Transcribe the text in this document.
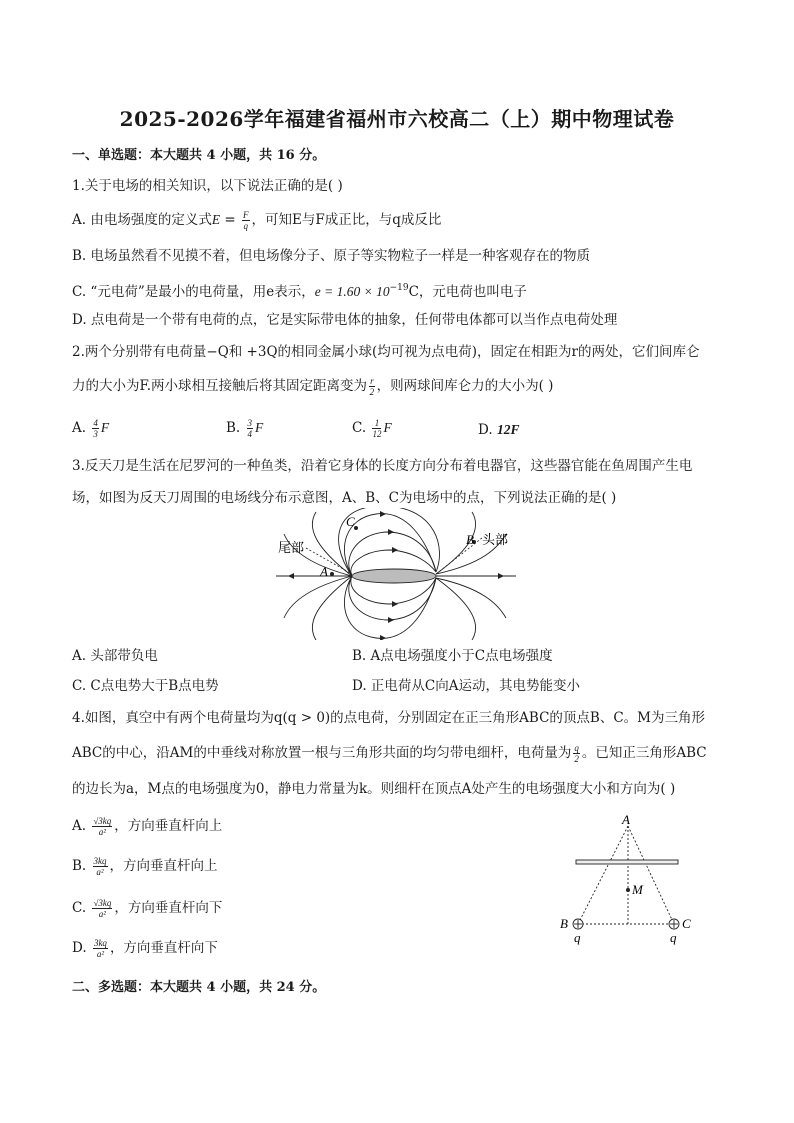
2025-2026学年福建省福州市六校高二（上）期中物理试卷
一、单选题：本大题共 4 小题，共 16 分。
1.关于电场的相关知识，以下说法正确的是( )
A. 由电场强度的定义式$E = \frac{F}{q}$ ，可知E与F成正比，与q成反比
B. 电场虽然看不见摸不着，但电场像分子、原子等实物粒子一样是一种客观存在的物质
C. “元电荷”是最小的电荷量，用e表示，$e = 1.60 \times 10^{-19}C$，元电荷也叫电子
D. 点电荷是一个带有电荷的点，它是实际带电体的抽象，任何带电体都可以当作点电荷处理
2.两个分别带有电荷量−Q和 +3Q的相同金属小球(均可视为点电荷)，固定在相距为r的两处，它们间库仑
力的大小为F.两小球相互接触后将其固定距离变为 $\frac{r}{2}$ ，则两球间库仑力的大小为( )
A. $\frac{4}{3}$ F	B. $\frac{3}{4}$ F	C. $\frac{1}{12}$ F	D. 12F
3.反天刀是生活在尼罗河的一种鱼类，沿着它身体的长度方向分布着电器官，这些器官能在鱼周围产生电
场，如图为反天刀周围的电场线分布示意图，A、B、C为电场中的点，下列说法正确的是( )
尾部
头部
A
B
C
A. 头部带负电	B. A点电场强度小于C点电场强度
C. C点电势大于B点电势	D. 正电荷从C向A运动，其电势能变小
4.如图，真空中有两个电荷量均为q(q > 0)的点电荷，分别固定在正三角形ABC的顶点B、C。M为三角形
ABC的中心，沿AM的中垂线对称放置一根与三角形共面的均匀带电细杆，电荷量为 $\frac{q}{2}$ 。已知正三角形ABC
的边长为a，M点的电场强度为0，静电力常量为k。则细杆在顶点A处产生的电场强度大小和方向为( )
A. $\frac{√3kq}{\text{a²}}$ ，方向垂直杆向上
B. $\frac{3kq}{\text{a²}}$ ，方向垂直杆向上
C. $\frac{√3kq}{\text{a²}}$ ，方向垂直杆向下
D. $\frac{3kq}{\text{a²}}$ ，方向垂直杆向下
A
M
B	C
q	q
二、多选题：本大题共 4 小题，共 24 分。
